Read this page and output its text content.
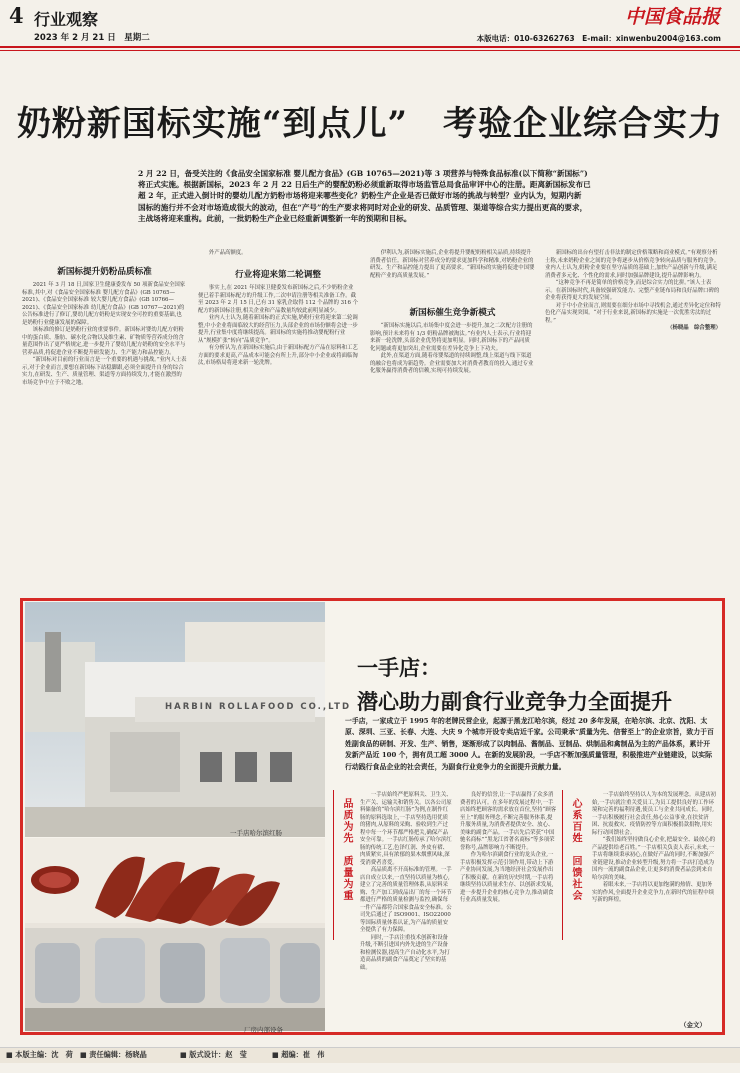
4 行业观察
2023 年 2 月 21 日　星期二
中国食品报
本版电话：010-63262763　E-mail：xinwenbu2004@163.com
奶粉新国标实施“到点儿”　考验企业综合实力
2 月 22 日，备受关注的《食品安全国家标准 婴儿配方食品》(GB 10765—2021)等 3 项营养与特殊食品标准(以下简称“新国标”)
将正式实施。根据新国标，2023 年 2 月 22 日后生产的婴配奶粉必须重新取得市场监管总局食品审评中心的注册。距离新国标发布已
超 2 年，正式进入倒计时的婴幼儿配方奶粉市场将迎来哪些变化？奶粉生产企业是否已做好市场的挑战与转型？业内认为，短期内新
国标的施行并不会对市场造成很大的波动，但在“产号”的生产要求将同时对企业的研发、品质管理、渠道等综合实力提出更高的要求，
主战场将迎来重构。此前，一批奶粉生产企业已经重新调整新一年的预期和目标。
新国标提升奶粉品质标准

2021 年 3 月 18 日,国家卫生健康委发布 50 项新食品安全国家标准,其中,对《食品安全国家标准 婴儿配方食品》(GB 10765—2021)、《食品安全国家标准 较大婴儿配方食品》(GB 10766—2021)、《食品安全国家标准 幼儿配方食品》(GB 10767—2021)的公告标准进行了修订,婴幼儿配方奶粉是实现安全可控的重要基础,也是奶粉行业健康发展的保障。

该标准的修订是奶粉行业的重要事件。新国标对婴幼儿配方奶粉中的蛋白质、脂肪、碳水化合物以及维生素、矿物质等营养成分的含量范围作出了更严格规定,进一步提升了婴幼儿配方奶粉的安全水平与营养品质,将促进企业不断提升研发能力、生产能力和品控能力。

“新国标对目前的行业而言是一个重要的机遇与挑战。”业内人士表示,对于企业而言,要想在新国标下站稳脚跟,必须全面提升自身的综合实力,在研发、生产、质量管理、渠道等方面持续发力,才能在激烈的市场竞争中立于不败之地。

外产品高额度。

行业将迎来第二轮调整

事实上,在 2021 年国家卫健委发布新国标之后,不少奶粉企业便已着手新国标配方的升级工作,二次申请注册等相关准备工作。截至 2023 年 2 月 15 日,已有 31 家乳企取得 112 个品牌的 316 个配方的新国标注册,相关企业和产品数量均较此前明显减少。

业内人士认为,随着新国标的正式实施,奶粉行业将迎来第二轮调整,中小企业将面临较大的经营压力,头部企业的市场份额将会进一步提升,行业集中度将继续提高。新国标的实施将推动婴配粉行业从“规模扩张”转向“品质竞争”。

有分析认为,在新国标实施后,由于新国标配方产品在原料和工艺方面的要求更高,产品成本可能会有所上升,部分中小企业或将面临淘汰,市场格局将迎来新一轮洗牌。

伊利认为,新国标实施后,企业将提升婴配奶粉相关品质,持续提升消费者信任。新国标对营养成分的要求更加科学和精准,对奶粉企业的研发、生产和品控能力提出了更高要求。“新国标的实施将促进中国婴配粉产业的高质量发展。”

新国标催生竞争新模式

“新国标实施以后,市场集中度会进一步提升,加之二次配方注册的影响,预计未来将有 1/3 奶粉品牌被淘汰。”有业内人士表示,行业将迎来新一轮洗牌,头部企业优势将更加明显。同时,新国标下的产品同质化问题或将更加突出,企业需要在差异化竞争上下功夫。

此外,在渠道方面,随着母婴渠道的持续调整,线上渠道与线下渠道的融合也将成为新趋势。企业需要加大对消费者教育的投入,通过专业化服务赢得消费者的信赖,实现可持续发展。

新国标的出台有望打击非法的制定价格策略和商业模式。”有观察分析士称,未来奶粉企业之间的竞争将逐步从价格竞争转向品质与服务的竞争。业内人士认为,奶粉企业要在坚守品质的基础上,加快产品创新与升级,满足消费者多元化、个性化的需求,同时加强品牌建设,提升品牌影响力。

“这种竞争不再是简单的价格竞争,而是综合实力的比拼。”该人士表示。在新国标时代,具备较强研发能力、完整产业链布局和良好品牌口碑的企业将获得更大的发展空间。

对于中小企业而言,则需要在细分市场中寻找机会,通过差异化定位和特色化产品实现突围。“对于行业来说,新国标的实施是一次优胜劣汰的过程。”

（杨晓晶　综合整理）
HARBIN ROLLAFOOD CO.,LTD
一手店哈尔滨红肠
厂房内部设备
一手店：
潜心助力副食行业竞争力全面提升
一手店，一家成立于 1995 年的老牌民营企业，起源于黑龙江哈尔滨，经过 20 多年发展，在哈尔滨、北京、沈阳、太原、深圳、三亚、长春、大连、大庆 9 个城市开设专卖店近千家。公司秉承“质量为先、信誉至上”的企业宗旨，致力于百姓副食品的研制、开发、生产、销售，逐渐形成了以肉制品、酱制品、豆制品、烘制品和禽制品为主的产品体系，累计开发新产品近 100 个，拥有员工超 3000 人。在新的发展阶段，一手店不断加强质量管理，积极推进产业链建设，以实际行动践行食品企业的社会责任，为副食行业竞争力的全面提升贡献力量。
品质为先　质量为重	心系百姓　回馈社会

一手店始终严把原料关、卫生关、生产关、运输关和销售关。以各公司原料储备的“哈尔滨红肠”为例,在制作红肠的原料选取上,一手店坚持选用优质的猪肉,从原料的采购、验收到生产过程中每一个环节都严格把关,确保产品安全可靠。一手店红肠传承了哈尔滨红肠的传统工艺,色泽红润、外皮有褶、肉质紧实,具有浓郁的果木烟熏风味,深受消费者喜爱。

高品质离不开高标准的管理。一手店自成立以来,一直坚持以质量为核心,建立了完善的质量管理体系,从原料采购、生产加工到成品出厂的每一个环节都进行严格的质量检测与监控,确保每一件产品都符合国家食品安全标准。公司先后通过了 ISO9001、ISO22000 等国际质量体系认证,为产品的质量安全提供了有力保障。

同时,一手店注重技术创新和设备升级,不断引进国内外先进的生产设备和检测仪器,提高生产自动化水平,为打造高品质的副食产品奠定了坚实的基础。

良好的信誉,让一手店赢得了众多消费者的认可。在多年的发展过程中,一手店始终把顾客的需求放在首位,坚持“顾客至上”的服务理念,不断完善服务体系,提升服务质量,为消费者提供安全、放心、美味的副食产品。一手店先后荣获“中国驰名商标”“黑龙江省著名商标”等多项荣誉称号,品牌影响力不断提升。

作为哈尔滨副食行业的龙头企业,一手店积极发挥示范引领作用,带动上下游产业协同发展,为当地经济社会发展作出了积极贡献。在新的历史时期,一手店将继续坚持以质量求生存、以创新求发展,进一步提升企业的核心竞争力,推动副食行业高质量发展。

一手店始终坚持以人为本的发展理念。从建店初始,一手店就注重关爱员工,为员工提供良好的工作环境和完善的福利待遇,使员工与企业共同成长。同时,一手店积极履行社会责任,热心公益事业,在扶贫济困、抗震救灾、疫情防控等方面积极捐款捐物,用实际行动回馈社会。

“我们始终坚持做良心企业,把最安全、最放心的产品提供给老百姓。”一手店相关负责人表示,未来,一手店将继续秉承初心,在做好产品的同时,不断加强产业链建设,推动企业转型升级,努力将一手店打造成为国内一流的副食品企业,让更多的消费者品尝到来自哈尔滨的美味。

着眼未来,一手店将以更加饱满的热情、更加务实的作风,全面提升企业竞争力,在新时代的征程中续写新的辉煌。

（金文）
■ 本版主编：沈　荷 ■ 责任编辑：杨晓晶	■ 版式设计：赵　莹	■ 超编：崔　伟
